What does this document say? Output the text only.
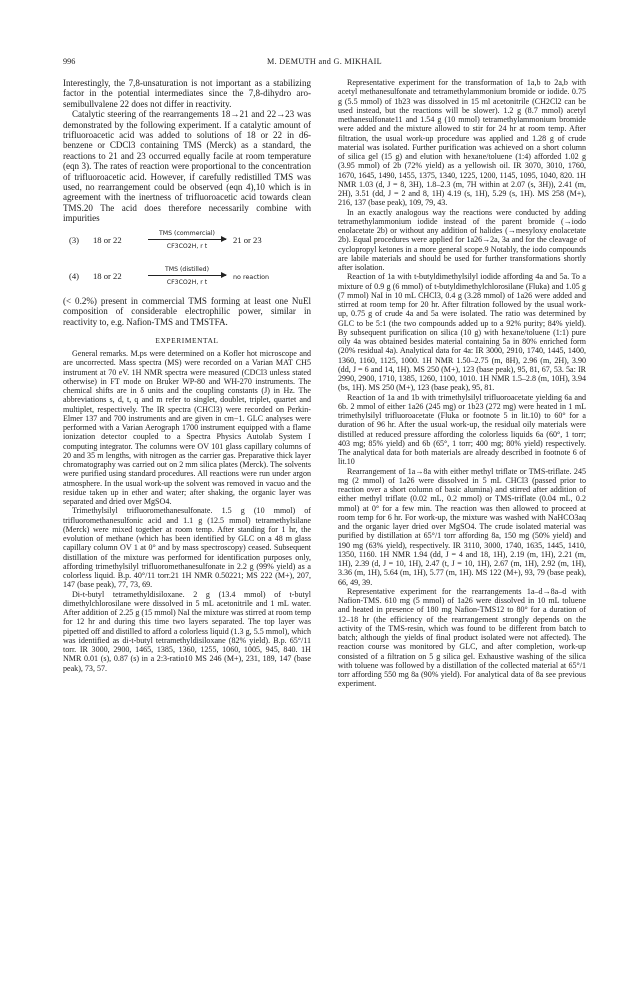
996	M. DEMUTH and G. MIKHAIL

Interestingly, the 7,8-unsaturation is not important as a stabilizing factor in the potential intermediates since the 7,8-dihydro aro-semibullvalene 22 does not differ in reactivity.

Catalytic steering of the rearrangements 18→21 and 22→23 was demonstrated by the following experiment. If a catalytic amount of trifluoroacetic acid was added to solutions of 18 or 22 in d6-benzene or CDCl3 containing TMS (Merck) as a standard, the reactions to 21 and 23 occurred equally facile at room temperature (eqn 3). The rates of reaction were proportional to the concentration of trifluoroacetic acid. However, if carefully redistilled TMS was used, no rearrangement could be observed (eqn 4),10 which is in agreement with the inertness of trifluoroacetic acid towards clean TMS.20 The acid does therefore necessarily combine with impurities

(3) 18 or 22
TMS (commercial)
CF3CO2H, r t
21 or 23
(4) 18 or 22
TMS (distilled)
CF3CO2H, r t
no reaction

(< 0.2%) present in commercial TMS forming at least one NuEl composition of considerable electrophilic power, similar in reactivity to, e.g. Nafion-TMS and TMSTFA.

EXPERIMENTAL

General remarks. M.ps were determined on a Kofler hot microscope and are uncorrected. Mass spectra (MS) were recorded on a Varian MAT CH5 instrument at 70 eV. 1H NMR spectra were measured (CDCl3 unless stated otherwise) in FT mode on Bruker WP-80 and WH-270 instruments. The chemical shifts are in δ units and the coupling constants (J) in Hz. The abbreviations s, d, t, q and m refer to singlet, doublet, triplet, quartet and multiplet, respectively. The IR spectra (CHCl3) were recorded on Perkin-Elmer 137 and 700 instruments and are given in cm−1. GLC analyses were performed with a Varian Aerograph 1700 instrument equipped with a flame ionization detector coupled to a Spectra Physics Autolab System I computing integrator. The columns were OV 101 glass capillary columns of 20 and 35 m lengths, with nitrogen as the carrier gas. Preparative thick layer chromatography was carried out on 2 mm silica plates (Merck). The solvents were purified using standard procedures. All reactions were run under argon atmosphere. In the usual work-up the solvent was removed in vacuo and the residue taken up in ether and water; after shaking, the organic layer was separated and dried over MgSO4.

Trimethylsilyl trifluoromethanesulfonate. 1.5 g (10 mmol) of trifluoromethanesulfonic acid and 1.1 g (12.5 mmol) tetramethylsilane (Merck) were mixed together at room temp. After standing for 1 hr, the evolution of methane (which has been identified by GLC on a 48 m glass capillary column OV 1 at 0° and by mass spectroscopy) ceased. Subsequent distillation of the mixture was performed for identification purposes only, affording trimethylsilyl trifluoromethanesulfonate in 2.2 g (99% yield) as a colorless liquid. B.p. 40°/11 torr.21 1H NMR 0.50221; MS 222 (M+), 207, 147 (base peak), 77, 73, 69.

Di-t-butyl tetramethyldisiloxane. 2 g (13.4 mmol) of t-butyl dimethylchlorosilane were dissolved in 5 mL acetonitrile and 1 mL water. After addition of 2.25 g (15 mmol) NaI the mixture was stirred at room temp for 12 hr and during this time two layers separated. The top layer was pipetted off and distilled to afford a colorless liquid (1.3 g, 5.5 mmol), which was identified as di-t-butyl tetramethyldisiloxane (82% yield). B.p. 65°/11 torr. IR 3000, 2900, 1465, 1385, 1360, 1255, 1060, 1005, 945, 840. 1H NMR 0.01 (s), 0.87 (s) in a 2:3-ratio10 MS 246 (M+), 231, 189, 147 (base peak), 73, 57.

Representative experiment for the transformation of 1a,b to 2a,b with acetyl methanesulfonate and tetramethylammonium bromide or iodide. 0.75 g (5.5 mmol) of 1b23 was dissolved in 15 ml acetonitrile (CH2Cl2 can be used instead, but the reactions will be slower). 1.2 g (8.7 mmol) acetyl methanesulfonate11 and 1.54 g (10 mmol) tetramethylammonium bromide were added and the mixture allowed to stir for 24 hr at room temp. After filtration, the usual work-up procedure was applied and 1.28 g of crude material was isolated. Further purification was achieved on a short column of silica gel (15 g) and elution with hexane/toluene (1:4) afforded 1.02 g (3.95 mmol) of 2b (72% yield) as a yellowish oil. IR 3070, 3010, 1760, 1670, 1645, 1490, 1455, 1375, 1340, 1225, 1200, 1145, 1095, 1040, 820. 1H NMR 1.03 (d, J = 8, 3H), 1.8–2.3 (m, 7H within at 2.07 (s, 3H)), 2.41 (m, 2H), 3.51 (dd, J = 2 and 8, 1H) 4.19 (s, 1H), 5.29 (s, 1H). MS 258 (M+), 216, 137 (base peak), 109, 79, 43.

In an exactly analogous way the reactions were conducted by adding tetramethylammonium iodide instead of the parent bromide (→iodo enolacetate 2b) or without any addition of halides (→mesyloxy enolacetate 2b). Equal procedures were applied for 1a26→2a, 3a and for the cleavage of cyclopropyl ketones in a more general scope.9 Notably, the iodo compounds are labile materials and should be used for further transformations shortly after isolation.

Reaction of 1a with t-butyldimethylsilyl iodide affording 4a and 5a. To a mixture of 0.9 g (6 mmol) of t-butyldimethylchlorosilane (Fluka) and 1.05 g (7 mmol) NaI in 10 mL CHCl3, 0.4 g (3.28 mmol) of 1a26 were added and stirred at room temp for 20 hr. After filtration followed by the usual work-up, 0.75 g of crude 4a and 5a were isolated. The ratio was determined by GLC to be 5:1 (the two compounds added up to a 92% purity; 84% yield). By subsequent purification on silica (10 g) with hexane/toluene (1:1) pure oily 4a was obtained besides material containing 5a in 80% enriched form (20% residual 4a). Analytical data for 4a: IR 3000, 2910, 1740, 1445, 1400, 1360, 1160, 1125, 1000. 1H NMR 1.50–2.75 (m, 8H), 2.96 (m, 2H), 3.90 (dd, J = 6 and 14, 1H). MS 250 (M+), 123 (base peak), 95, 81, 67, 53. 5a: IR 2990, 2900, 1710, 1385, 1260, 1100, 1010. 1H NMR 1.5–2.8 (m, 10H), 3.94 (bs, 1H). MS 250 (M+), 123 (base peak), 95, 81.

Reaction of 1a and 1b with trimethylsilyl trifluoroacetate yielding 6a and 6b. 2 mmol of either 1a26 (245 mg) or 1b23 (272 mg) were heated in 1 mL trimethylsilyl trifluoroacetate (Fluka or footnote 5 in lit.10) to 60° for a duration of 96 hr. After the usual work-up, the residual oily materials were distilled at reduced pressure affording the colorless liquids 6a (60°, 1 torr; 403 mg; 85% yield) and 6b (65°, 1 torr; 400 mg; 80% yield) respectively. The analytical data for both materials are already described in footnote 6 of lit.10

Rearrangement of 1a→8a with either methyl triflate or TMS-triflate. 245 mg (2 mmol) of 1a26 were dissolved in 5 mL CHCl3 (passed prior to reaction over a short column of basic alumina) and stirred after addition of either methyl triflate (0.02 mL, 0.2 mmol) or TMS-triflate (0.04 mL, 0.2 mmol) at 0° for a few min. The reaction was then allowed to proceed at room temp for 6 hr. For work-up, the mixture was washed with NaHCO3aq and the organic layer dried over MgSO4. The crude isolated material was purified by distillation at 65°/1 torr affording 8a, 150 mg (50% yield) and 190 mg (63% yield), respectively. IR 3110, 3000, 1740, 1635, 1445, 1410, 1350, 1160. 1H NMR 1.94 (dd, J = 4 and 18, 1H), 2.19 (m, 1H), 2.21 (m, 1H), 2.39 (d, J = 10, 1H), 2.47 (t, J = 10, 1H), 2.67 (m, 1H), 2.92 (m, 1H), 3.36 (m, 1H), 5.64 (m, 1H), 5.77 (m, 1H). MS 122 (M+), 93, 79 (base peak), 66, 49, 39.

Representative experiment for the rearrangements 1a–d→8a–d with Nafion-TMS. 610 mg (5 mmol) of 1a26 were dissolved in 10 mL toluene and heated in presence of 180 mg Nafion-TMS12 to 80° for a duration of 12–18 hr (the efficiency of the rearrangement strongly depends on the activity of the TMS-resin, which was found to be different from batch to batch; although the yields of final product isolated were not affected). The reaction course was monitored by GLC, and after completion, work-up consisted of a filtration on 5 g silica gel. Exhaustive washing of the silica with toluene was followed by a distillation of the collected material at 65°/1 torr affording 550 mg 8a (90% yield). For analytical data of 8a see previous experiment.
